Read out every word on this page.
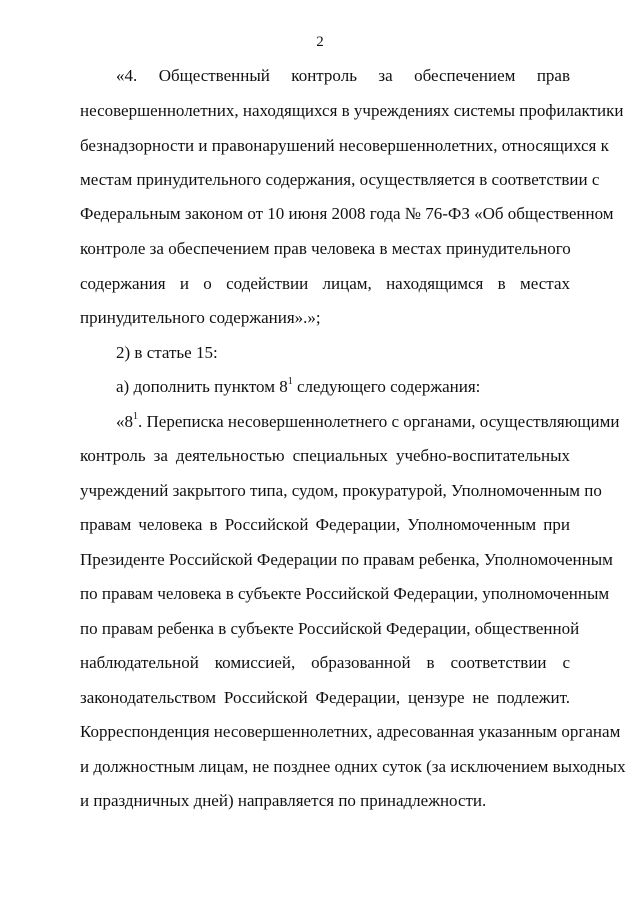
2
«4. Общественный контроль за обеспечением прав
несовершеннолетних, находящихся в учреждениях системы профилактики
безнадзорности и правонарушений несовершеннолетних, относящихся к
местам принудительного содержания, осуществляется в соответствии с
Федеральным законом от 10 июня 2008 года № 76-ФЗ «Об общественном
контроле за обеспечением прав человека в местах принудительного
содержания и о содействии лицам, находящимся в местах
принудительного содержания».»;
2) в статье 15:
а) дополнить пунктом $8^1$ следующего содержания:
«$8^1$. Переписка несовершеннолетнего с органами, осуществляющими
контроль за деятельностью специальных учебно-воспитательных
учреждений закрытого типа, судом, прокуратурой, Уполномоченным по
правам человека в Российской Федерации, Уполномоченным при
Президенте Российской Федерации по правам ребенка, Уполномоченным
по правам человека в субъекте Российской Федерации, уполномоченным
по правам ребенка в субъекте Российской Федерации, общественной
наблюдательной комиссией, образованной в соответствии с
законодательством Российской Федерации, цензуре не подлежит.
Корреспонденция несовершеннолетних, адресованная указанным органам
и должностным лицам, не позднее одних суток (за исключением выходных
и праздничных дней) направляется по принадлежности.
